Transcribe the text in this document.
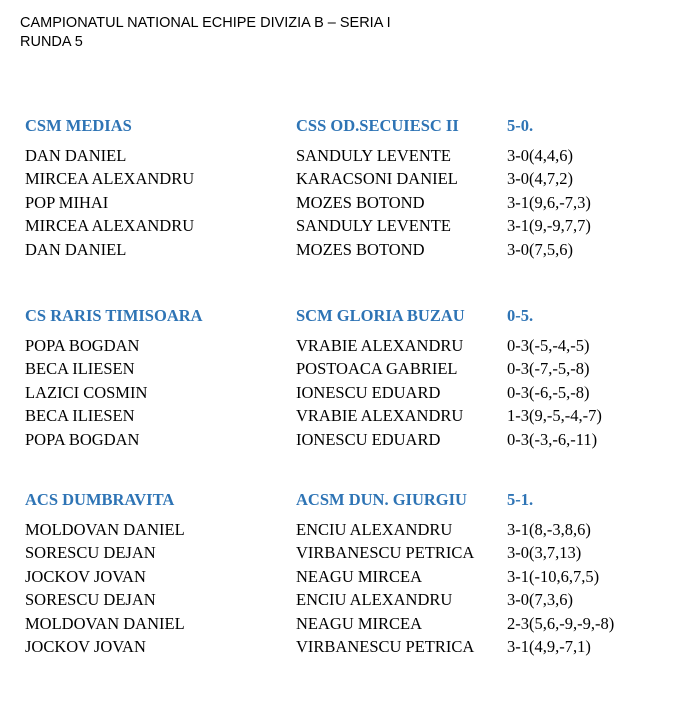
CAMPIONATUL NATIONAL ECHIPE DIVIZIA B – SERIA I
RUNDA 5
CSM MEDIAS	CSS OD.SECUIESC II	5-0.
DAN DANIEL	SANDULY LEVENTE	3-0(4,4,6)
MIRCEA ALEXANDRU	KARACSONI DANIEL	3-0(4,7,2)
POP MIHAI	MOZES BOTOND	3-1(9,6,-7,3)
MIRCEA ALEXANDRU	SANDULY LEVENTE	3-1(9,-9,7,7)
DAN DANIEL	MOZES BOTOND	3-0(7,5,6)
CS RARIS TIMISOARA	SCM GLORIA BUZAU	0-5.
POPA BOGDAN	VRABIE ALEXANDRU	0-3(-5,-4,-5)
BECA ILIESEN	POSTOACA GABRIEL	0-3(-7,-5,-8)
LAZICI COSMIN	IONESCU EDUARD	0-3(-6,-5,-8)
BECA ILIESEN	VRABIE ALEXANDRU	1-3(9,-5,-4,-7)
POPA BOGDAN	IONESCU EDUARD	0-3(-3,-6,-11)
ACS DUMBRAVITA	ACSM DUN. GIURGIU 5-1.
MOLDOVAN DANIEL	ENCIU ALEXANDRU	3-1(8,-3,8,6)
SORESCU DEJAN	VIRBANESCU PETRICA 3-0(3,7,13)
JOCKOV JOVAN	NEAGU MIRCEA	3-1(-10,6,7,5)
SORESCU DEJAN	ENCIU ALEXANDRU	3-0(7,3,6)
MOLDOVAN DANIEL	NEAGU MIRCEA	2-3(5,6,-9,-9,-8)
JOCKOV JOVAN	VIRBANESCU PETRICA 3-1(4,9,-7,1)
